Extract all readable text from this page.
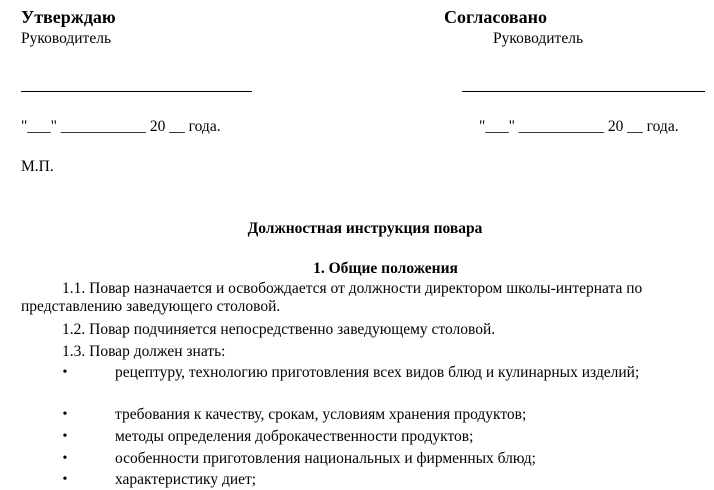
Утверждаю	Согласовано
Руководитель	Руководитель
"___" ___________ 20 __ года.	"___" ___________ 20 __ года.
М.П.
Должностная инструкция повара
1. Общие положения
1.1. Повар назначается и освобождается от должности директором школы-интерната по представлению заведующего столовой.
1.2. Повар подчиняется непосредственно заведующему столовой.
1.3. Повар должен знать:
•	рецептуру, технологию приготовления всех видов блюд и кулинарных изделий;
•	требования к качеству, срокам, условиям хранения продуктов;
•	методы определения доброкачественности продуктов;
•	особенности приготовления национальных и фирменных блюд;
•	характеристику диет;
